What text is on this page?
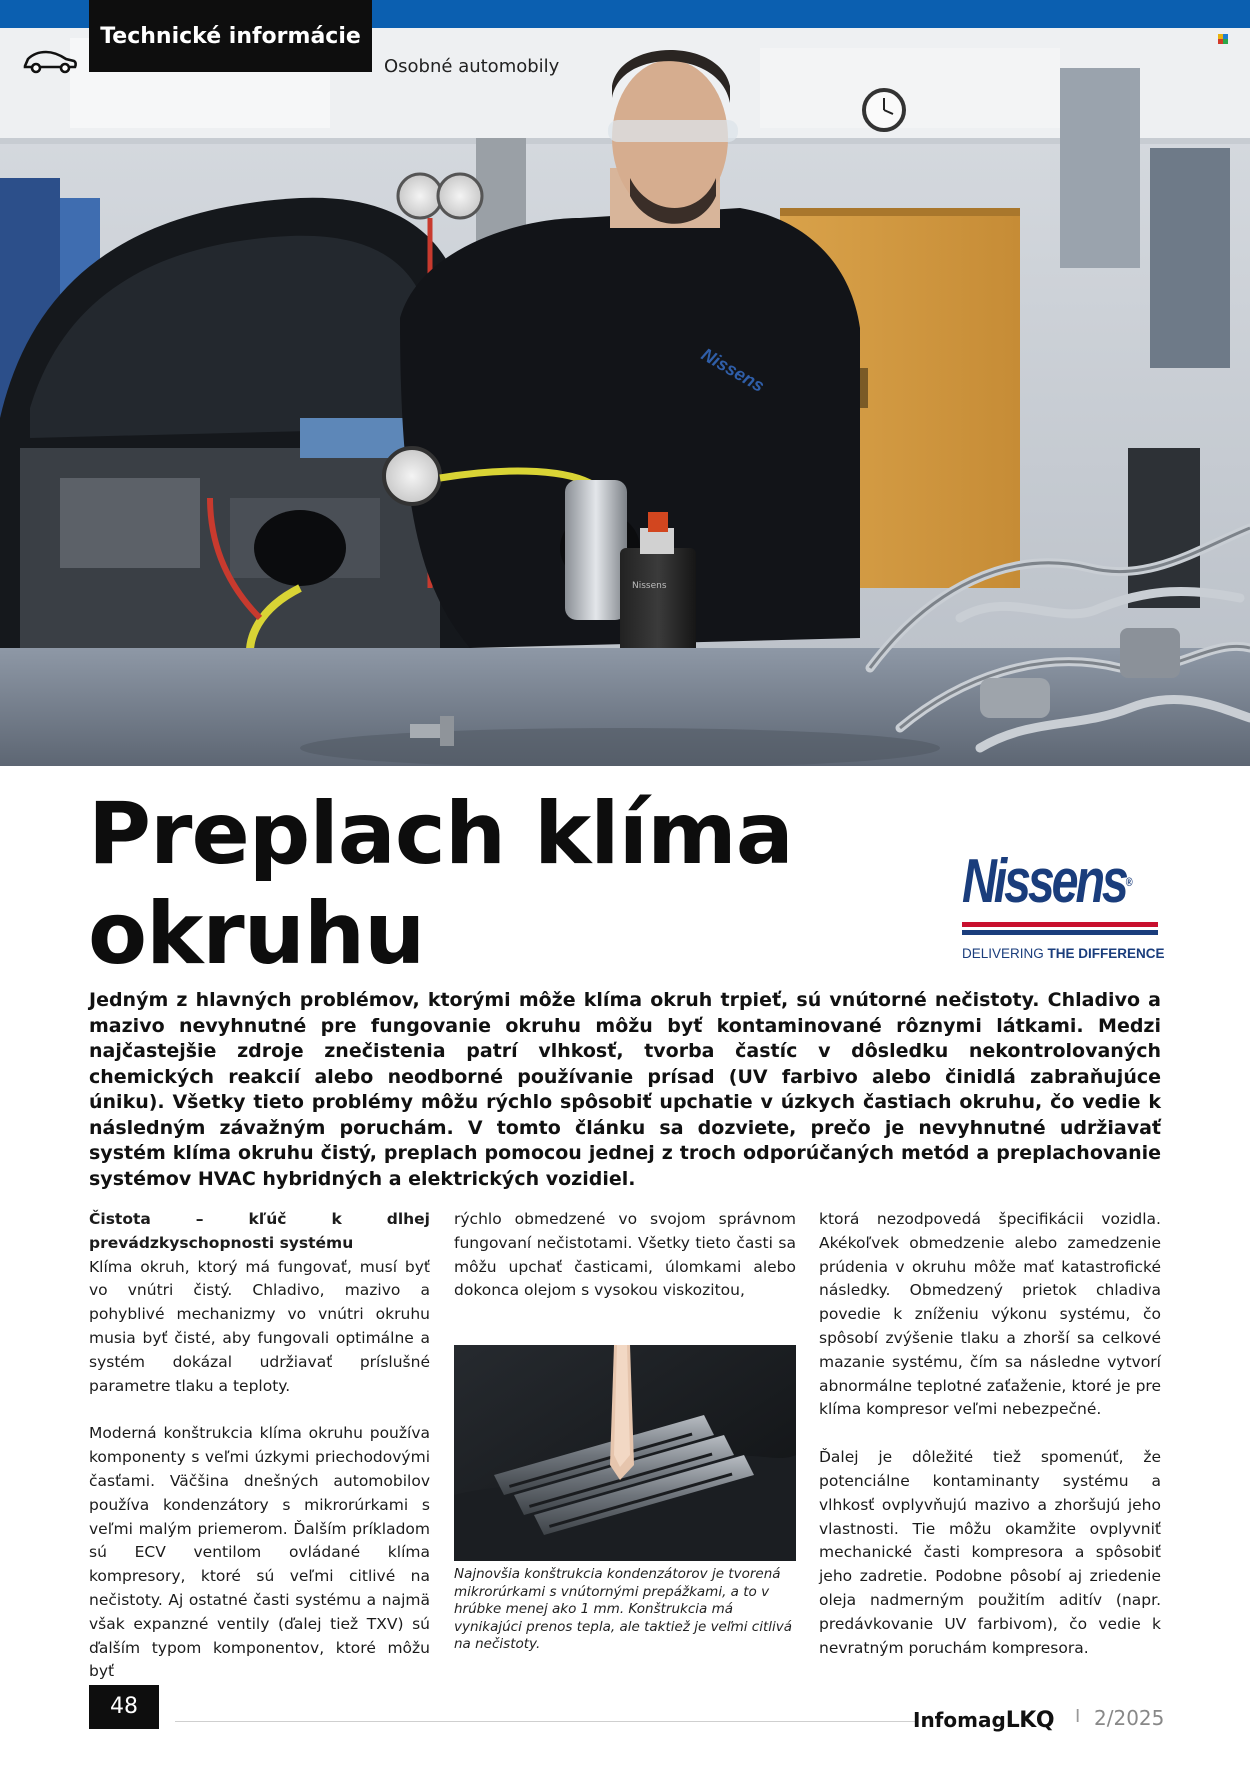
Nissens
Nissens
Technické informácie
Osobné automobily
Preplach klíma
okruhu
Nissens®
DELIVERING THE DIFFERENCE

Jedným z hlavných problémov, ktorými môže klíma okruh trpieť, sú vnútorné nečistoty. Chladivo a mazivo nevyhnutné pre fungovanie okruhu môžu byť kontaminované rôznymi látkami. Medzi najčastejšie zdroje znečistenia patrí vlhkosť, tvorba častíc v dôsledku nekontrolovaných chemických reakcií alebo neodborné používanie prísad (UV farbivo alebo činidlá zabraňujúce úniku). Všetky tieto problémy môžu rýchlo spôsobiť upchatie v úzkych častiach okruhu, čo vedie k následným závažným poruchám. V tomto článku sa dozviete, prečo je nevyhnutné udržiavať systém klíma okruhu čistý, preplach pomocou jednej z troch odporúčaných metód a preplachovanie systémov HVAC hybridných a elektrických vozidiel.

Čistota – kľúč k dlhej prevádzkyschopnosti systému

Klíma okruh, ktorý má fungovať, musí byť vo vnútri čistý. Chladivo, mazivo a pohyblivé mechanizmy vo vnútri okruhu musia byť čisté, aby fungovali optimálne a systém dokázal udržiavať príslušné parametre tlaku a teploty.

Moderná konštrukcia klíma okruhu používa komponenty s veľmi úzkymi priechodovými časťami. Väčšina dnešných automobilov používa kondenzátory s mikrorúrkami s veľmi malým priemerom. Ďalším príkladom sú ECV ventilom ovládané klíma kompresory, ktoré sú veľmi citlivé na nečistoty. Aj ostatné časti systému a najmä však expanzné ventily (ďalej tiež TXV) sú ďalším typom komponentov, ktoré môžu byť

rýchlo obmedzené vo svojom správnom fungovaní nečistotami. Všetky tieto časti sa môžu upchať časticami, úlomkami alebo dokonca olejom s vysokou viskozitou,

Najnovšia konštrukcia kondenzátorov je tvorená mikrorúrkami s vnútornými prepážkami, a to v hrúbke menej ako 1 mm. Konštrukcia má vynikajúci prenos tepla, ale taktiež je veľmi citlivá na nečistoty.

ktorá nezodpovedá špecifikácii vozidla. Akékoľvek obmedzenie alebo zamedzenie prúdenia v okruhu môže mať katastrofické následky. Obmedzený prietok chladiva povedie k zníženiu výkonu systému, čo spôsobí zvýšenie tlaku a zhorší sa celkové mazanie systému, čím sa následne vytvorí abnormálne teplotné zaťaženie, ktoré je pre klíma kompresor veľmi nebezpečné.

Ďalej je dôležité tiež spomenúť, že potenciálne kontaminanty systému a vlhkosť ovplyvňujú mazivo a zhoršujú jeho vlastnosti. Tie môžu okamžite ovplyvniť mechanické časti kompresora a spôsobiť jeho zadretie. Podobne pôsobí aj zriedenie oleja nadmerným použitím aditív (napr. predávkovanie UV farbivom), čo vedie k nevratným poruchám kompresora.

48
InfomagLKQ I 2/2025
